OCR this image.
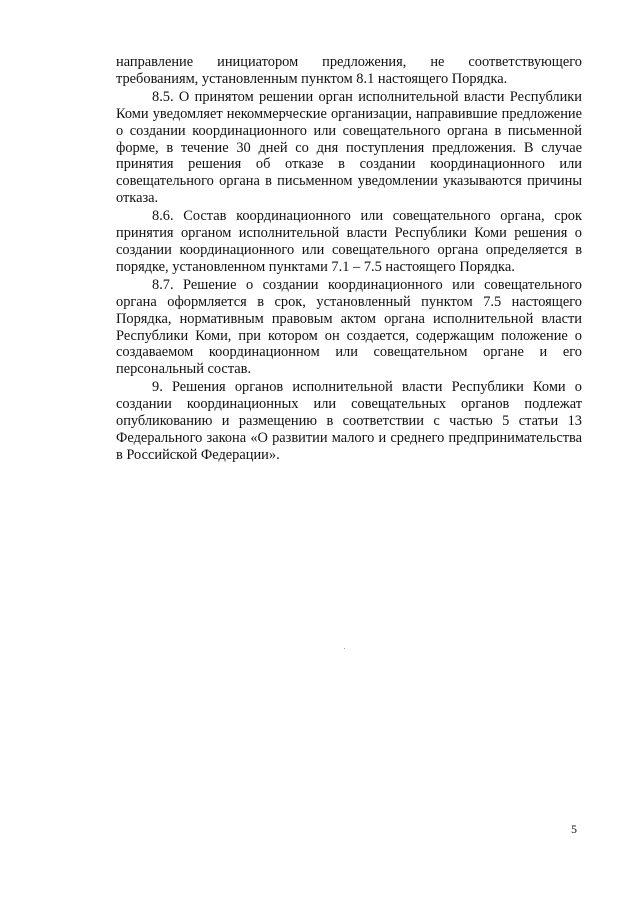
направление инициатором предложения, не соответствующего требованиям, установленным пунктом 8.1 настоящего Порядка.

8.5. О принятом решении орган исполнительной власти Республики Коми уведомляет некоммерческие организации, направившие предложение о создании координационного или совещательного органа в письменной форме, в течение 30 дней со дня поступления предложения. В случае принятия решения об отказе в создании координационного или совещательного органа в письменном уведомлении указываются причины отказа.

8.6. Состав координационного или совещательного органа, срок принятия органом исполнительной власти Республики Коми решения о создании координационного или совещательного органа определяется в порядке, установленном пунктами 7.1 – 7.5 настоящего Порядка.

8.7. Решение о создании координационного или совещательного органа оформляется в срок, установленный пунктом 7.5 настоящего Порядка, нормативным правовым актом органа исполнительной власти Республики Коми, при котором он создается, содержащим положение о создаваемом координационном или совещательном органе и его персональный состав.

9. Решения органов исполнительной власти Республики Коми о создании координационных или совещательных органов подлежат опубликованию и размещению в соответствии с частью 5 статьи 13 Федерального закона «О развитии малого и среднего предпринимательства в Российской Федерации».

5
